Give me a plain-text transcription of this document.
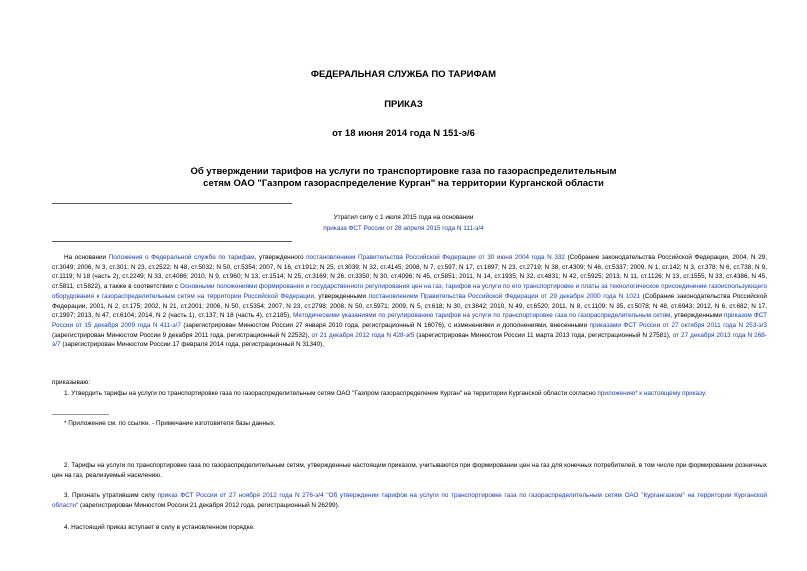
ФЕДЕРАЛЬНАЯ СЛУЖБА ПО ТАРИФАМ
ПРИКАЗ
от 18 июня 2014 года N 151-э/6
Об утверждении тарифов на услуги по транспортировке газа по газораспределительным сетям ОАО "Газпром газораспределение Курган" на территории Курганской области
Утратил силу с 1 июля 2015 года на основании
приказа ФСТ России от 28 апреля 2015 года N 111-э/4
На основании Положения о Федеральной службе по тарифам, утвержденного постановлением Правительства Российской Федерации от 30 июня 2004 года N 332 (Собрание законодательства Российской Федерации, 2004, N 29, ст.3049; 2006, N 3, ст.301; N 23, ст.2522; N 48, ст.5032; N 50, ст.5354; 2007, N 16, ст.1912; N 25, ст.3039; N 32, ст.4145; 2008, N 7, ст.597; N 17, ст.1897; N 23, ст.2719; N 38, ст.4309; N 46, ст.5337; 2009, N 1, ст.142; N 3, ст.378; N 6, ст.738; N 9, ст.1119; N 18 (часть 2), ст.2249; N 33, ст.4086; 2010, N 9, ст.960; N 13, ст.1514; N 25, ст.3169; N 26, ст.3350; N 30, ст.4096; N 45, ст.5851; 2011, N 14, ст.1935; N 32, ст.4831; N 42, ст.5925; 2013, N 11, ст.1126; N 13, ст.1555, N 33, ст.4386, N 45, ст.5811, ст.5822), а также в соответствии с Основными положениями формирования и государственного регулирования цен на газ, тарифов на услуги по его транспортировке и платы за технологическое присоединение газоиспользующего оборудования к газораспределительным сетям на территории Российской Федерации, утвержденными постановлением Правительства Российской Федерации от 29 декабря 2000 года N 1021 (Собрание законодательства Российской Федерации, 2001, N 2, ст.175; 2002, N 21, ст.2001; 2006, N 50, ст.5354; 2007, N 23, ст.2798; 2008, N 50, ст.5971; 2009, N 5, ст.618; N 30, ст.3842; 2010, N 49, ст.6520; 2011, N 8, ст.1109; N 35, ст.5078; N 48, ст.6943; 2012, N 6, ст.682; N 17, ст.1997; 2013, N 47, ст.6104; 2014, N 2 (часть 1), ст.137; N 18 (часть 4), ст.2185), Методическими указаниями по регулированию тарифов на услуги по транспортировке газа по газораспределительным сетям, утвержденными приказом ФСТ России от 15 декабря 2009 года N 411-э/7 (зарегистрирован Минюстом России 27 января 2010 года, регистрационный N 16076), с изменениями и дополнениями, внесенными приказами ФСТ России от 27 октября 2011 года N 253-э/3 (зарегистрирован Минюстом России 9 декабря 2011 года, регистрационный N 22532), от 21 декабря 2012 года N 428-э/5 (зарегистрирован Минюстом России 11 марта 2013 года, регистрационный N 27581), от 27 декабря 2013 года N 268-э/7 (зарегистрирован Минюстом России 17 февраля 2014 года, регистрационный N 31340),
приказываю:
1. Утвердить тарифы на услуги по транспортировке газа по газораспределительным сетям ОАО "Газпром газораспределение Курган" на территории Курганской области согласно приложению* к настоящему приказу.
________________
* Приложение см. по ссылке. - Примечание изготовителя базы данных.
2. Тарифы на услуги по транспортировке газа по газораспределительным сетям, утвержденные настоящим приказом, учитываются при формировании цен на газ для конечных потребителей, в том числе при формировании розничных цен на газ, реализуемый населению.
3. Признать утратившим силу приказ ФСТ России от 27 ноября 2012 года N 276-э/4 "Об утверждении тарифов на услуги по транспортировке газа по газораспределительным сетям ОАО "Кургангазком" на территории Курганской области" (зарегистрирован Минюстом России 21 декабря 2012 года, регистрационный N 26299).
4. Настоящий приказ вступает в силу в установленном порядке.
